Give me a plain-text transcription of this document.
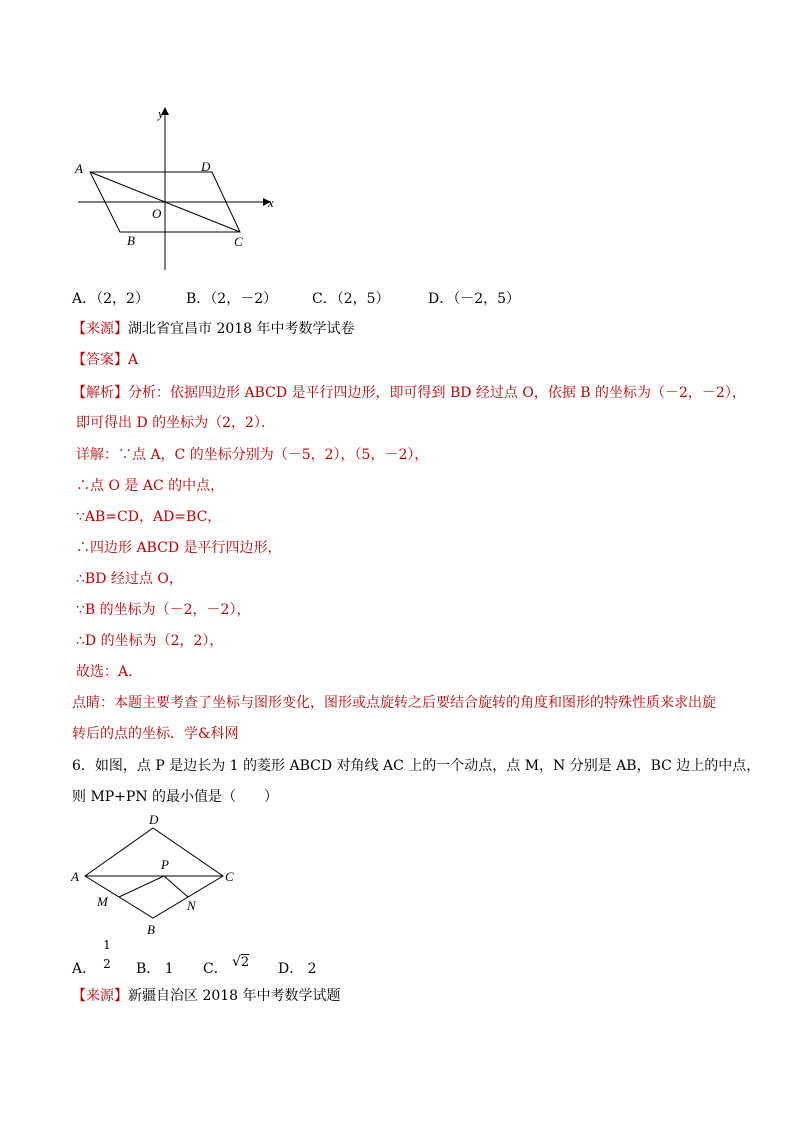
y
x
A	D
O
B	C
A．（2，2）	B．（2，－2） C．（2，5）	D．（－2，5）
【来源】湖北省宜昌市 2018 年中考数学试卷
【答案】A
【解析】分析：依据四边形 ABCD 是平行四边形，即可得到 BD 经过点 O，依据 B 的坐标为（－2，－2），
即可得出 D 的坐标为（2，2）．
详解：∵点 A，C 的坐标分别为（－5，2），（5，－2），
∴点 O 是 AC 的中点，
∵AB=CD，AD=BC，
∴四边形 ABCD 是平行四边形，
∴BD 经过点 O，
∵B 的坐标为（－2，－2），
∴D 的坐标为（2，2），
故选：A．
点睛：本题主要考查了坐标与图形变化，图形或点旋转之后要结合旋转的角度和图形的特殊性质来求出旋
转后的点的坐标．学&科网
6．如图，点 P 是边长为 1 的菱形 ABCD 对角线 AC 上的一个动点，点 M，N 分别是 AB，BC 边上的中点，
则 MP+PN 的最小值是（　　）
D
A	C
P
M	N
B
A．
1
2 B． 1 C． √2 D． 2
【来源】新疆自治区 2018 年中考数学试题
